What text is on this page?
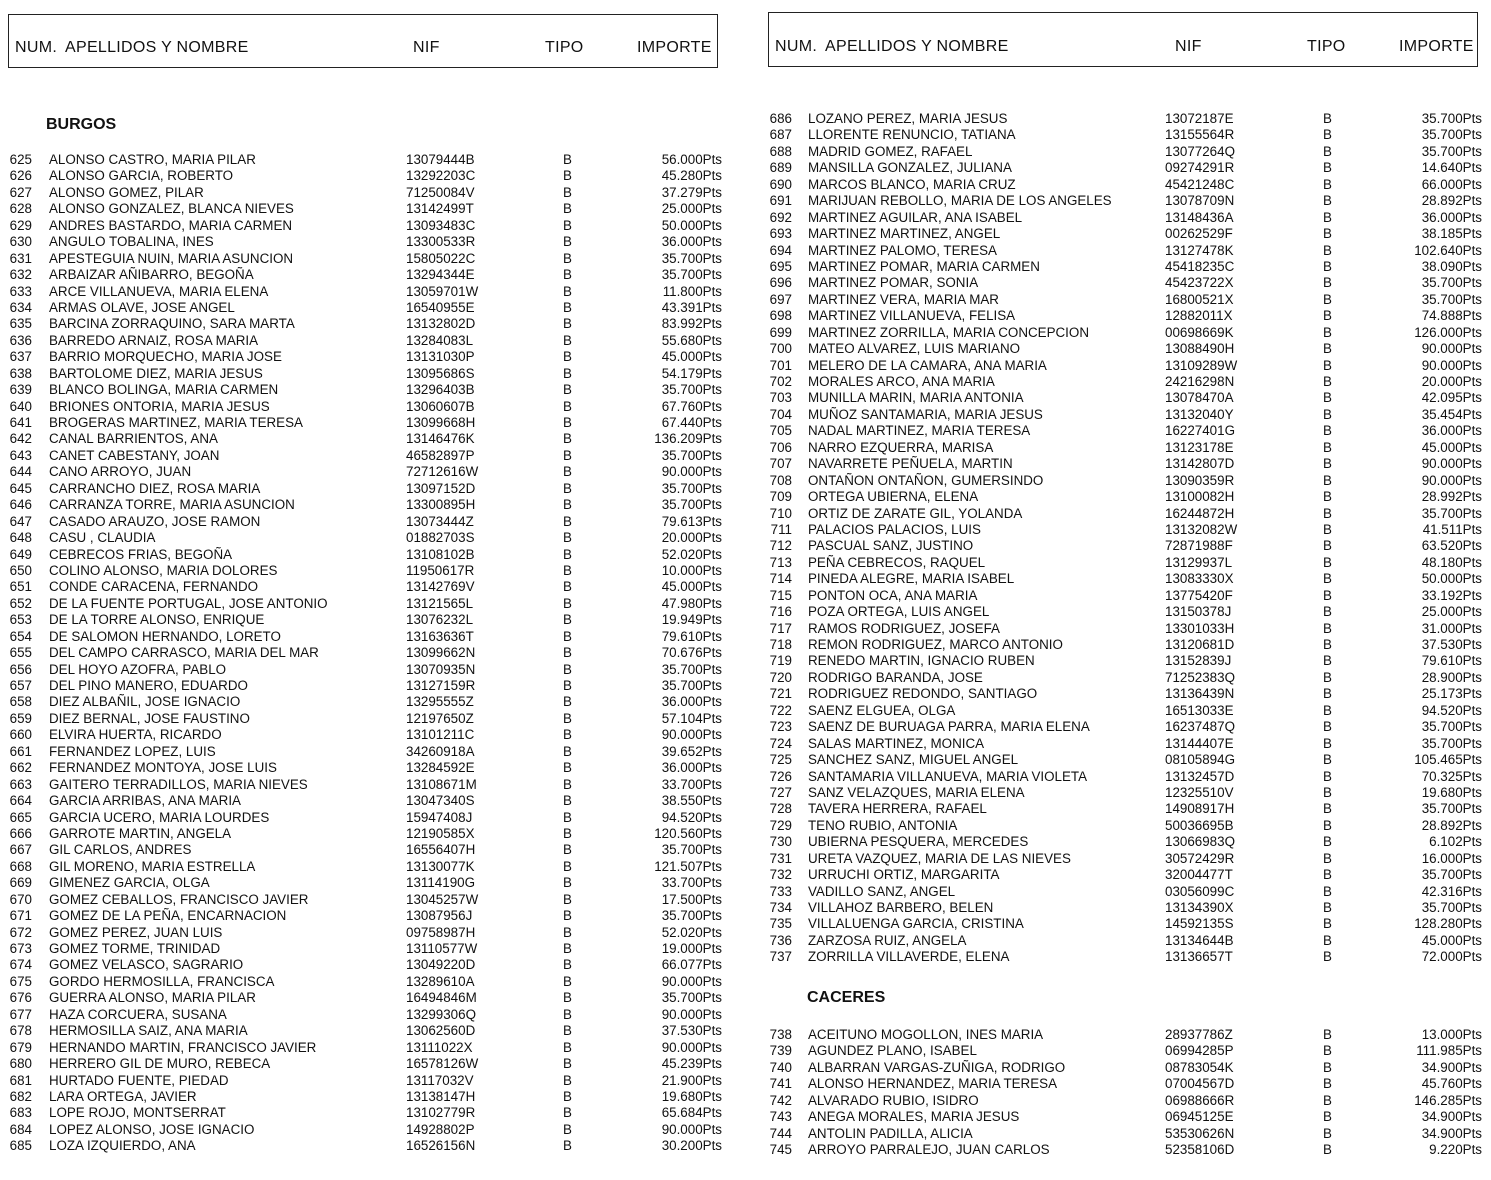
NUM. APELLIDOS Y NOMBRE	NIF	TIPO	IMPORTE	NUM. APELLIDOS Y NOMBRE	NIF	TIPO	IMPORTE
BURGOS
CACERES
625 ALONSO CASTRO, MARIA PILAR	13079444B	B	56.000Pts
626 ALONSO GARCIA, ROBERTO	13292203C	B	45.280Pts
627 ALONSO GOMEZ, PILAR	71250084V	B	37.279Pts
628 ALONSO GONZALEZ, BLANCA NIEVES	13142499T	B	25.000Pts
629 ANDRES BASTARDO, MARIA CARMEN	13093483C	B	50.000Pts
630 ANGULO TOBALINA, INES	13300533R	B	36.000Pts
631 APESTEGUIA NUIN, MARIA ASUNCION	15805022C	B	35.700Pts
632 ARBAIZAR AÑIBARRO, BEGOÑA	13294344E	B	35.700Pts
633 ARCE VILLANUEVA, MARIA ELENA	13059701W	B	11.800Pts
634 ARMAS OLAVE, JOSE ANGEL	16540955E	B	43.391Pts
635 BARCINA ZORRAQUINO, SARA MARTA	13132802D	B	83.992Pts
636 BARREDO ARNAIZ, ROSA MARIA	13284083L	B	55.680Pts
637 BARRIO MORQUECHO, MARIA JOSE	13131030P	B	45.000Pts
638 BARTOLOME DIEZ, MARIA JESUS	13095686S	B	54.179Pts
639 BLANCO BOLINGA, MARIA CARMEN	13296403B	B	35.700Pts
640 BRIONES ONTORIA, MARIA JESUS	13060607B	B	67.760Pts
641 BROGERAS MARTINEZ, MARIA TERESA	13099668H	B	67.440Pts
642 CANAL BARRIENTOS, ANA	13146476K	B	136.209Pts
643 CANET CABESTANY, JOAN	46582897P	B	35.700Pts
644 CANO ARROYO, JUAN	72712616W	B	90.000Pts
645 CARRANCHO DIEZ, ROSA MARIA	13097152D	B	35.700Pts
646 CARRANZA TORRE, MARIA ASUNCION	13300895H	B	35.700Pts
647 CASADO ARAUZO, JOSE RAMON	13073444Z	B	79.613Pts
648 CASU , CLAUDIA	01882703S	B	20.000Pts
649 CEBRECOS FRIAS, BEGOÑA	13108102B	B	52.020Pts
650 COLINO ALONSO, MARIA DOLORES	11950617R	B	10.000Pts
651 CONDE CARACENA, FERNANDO	13142769V	B	45.000Pts
652 DE LA FUENTE PORTUGAL, JOSE ANTONIO	13121565L	B	47.980Pts
653 DE LA TORRE ALONSO, ENRIQUE	13076232L	B	19.949Pts
654 DE SALOMON HERNANDO, LORETO	13163636T	B	79.610Pts
655 DEL CAMPO CARRASCO, MARIA DEL MAR	13099662N	B	70.676Pts
656 DEL HOYO AZOFRA, PABLO	13070935N	B	35.700Pts
657 DEL PINO MANERO, EDUARDO	13127159R	B	35.700Pts
658 DIEZ ALBAÑIL, JOSE IGNACIO	13295555Z	B	36.000Pts
659 DIEZ BERNAL, JOSE FAUSTINO	12197650Z	B	57.104Pts
660 ELVIRA HUERTA, RICARDO	13101211C	B	90.000Pts
661 FERNANDEZ LOPEZ, LUIS	34260918A	B	39.652Pts
662 FERNANDEZ MONTOYA, JOSE LUIS	13284592E	B	36.000Pts
663 GAITERO TERRADILLOS, MARIA NIEVES	13108671M	B	33.700Pts
664 GARCIA ARRIBAS, ANA MARIA	13047340S	B	38.550Pts
665 GARCIA UCERO, MARIA LOURDES	15947408J	B	94.520Pts
666 GARROTE MARTIN, ANGELA	12190585X	B	120.560Pts
667 GIL CARLOS, ANDRES	16556407H	B	35.700Pts
668 GIL MORENO, MARIA ESTRELLA	13130077K	B	121.507Pts
669 GIMENEZ GARCIA, OLGA	13114190G	B	33.700Pts
670 GOMEZ CEBALLOS, FRANCISCO JAVIER	13045257W	B	17.500Pts
671 GOMEZ DE LA PEÑA, ENCARNACION	13087956J	B	35.700Pts
672 GOMEZ PEREZ, JUAN LUIS	09758987H	B	52.020Pts
673 GOMEZ TORME, TRINIDAD	13110577W	B	19.000Pts
674 GOMEZ VELASCO, SAGRARIO	13049220D	B	66.077Pts
675 GORDO HERMOSILLA, FRANCISCA	13289610A	B	90.000Pts
676 GUERRA ALONSO, MARIA PILAR	16494846M	B	35.700Pts
677 HAZA CORCUERA, SUSANA	13299306Q	B	90.000Pts
678 HERMOSILLA SAIZ, ANA MARIA	13062560D	B	37.530Pts
679 HERNANDO MARTIN, FRANCISCO JAVIER	13111022X	B	90.000Pts
680 HERRERO GIL DE MURO, REBECA	16578126W	B	45.239Pts
681 HURTADO FUENTE, PIEDAD	13117032V	B	21.900Pts
682 LARA ORTEGA, JAVIER	13138147H	B	19.680Pts
683 LOPE ROJO, MONTSERRAT	13102779R	B	65.684Pts
684 LOPEZ ALONSO, JOSE IGNACIO	14928802P	B	90.000Pts
685 LOZA IZQUIERDO, ANA	16526156N	B	30.200Pts
686 LOZANO PEREZ, MARIA JESUS	13072187E	B	35.700Pts
687 LLORENTE RENUNCIO, TATIANA	13155564R	B	35.700Pts
688 MADRID GOMEZ, RAFAEL	13077264Q	B	35.700Pts
689 MANSILLA GONZALEZ, JULIANA	09274291R	B	14.640Pts
690 MARCOS BLANCO, MARIA CRUZ	45421248C	B	66.000Pts
691 MARIJUAN REBOLLO, MARIA DE LOS ANGELES	13078709N	B	28.892Pts
692 MARTINEZ AGUILAR, ANA ISABEL	13148436A	B	36.000Pts
693 MARTINEZ MARTINEZ, ANGEL	00262529F	B	38.185Pts
694 MARTINEZ PALOMO, TERESA	13127478K	B	102.640Pts
695 MARTINEZ POMAR, MARIA CARMEN	45418235C	B	38.090Pts
696 MARTINEZ POMAR, SONIA	45423722X	B	35.700Pts
697 MARTINEZ VERA, MARIA MAR	16800521X	B	35.700Pts
698 MARTINEZ VILLANUEVA, FELISA	12882011X	B	74.888Pts
699 MARTINEZ ZORRILLA, MARIA CONCEPCION	00698669K	B	126.000Pts
700 MATEO ALVAREZ, LUIS MARIANO	13088490H	B	90.000Pts
701 MELERO DE LA CAMARA, ANA MARIA	13109289W	B	90.000Pts
702 MORALES ARCO, ANA MARIA	24216298N	B	20.000Pts
703 MUNILLA MARIN, MARIA ANTONIA	13078470A	B	42.095Pts
704 MUÑOZ SANTAMARIA, MARIA JESUS	13132040Y	B	35.454Pts
705 NADAL MARTINEZ, MARIA TERESA	16227401G	B	36.000Pts
706 NARRO EZQUERRA, MARISA	13123178E	B	45.000Pts
707 NAVARRETE PEÑUELA, MARTIN	13142807D	B	90.000Pts
708 ONTAÑON ONTAÑON, GUMERSINDO	13090359R	B	90.000Pts
709 ORTEGA UBIERNA, ELENA	13100082H	B	28.992Pts
710 ORTIZ DE ZARATE GIL, YOLANDA	16244872H	B	35.700Pts
711 PALACIOS PALACIOS, LUIS	13132082W	B	41.511Pts
712 PASCUAL SANZ, JUSTINO	72871988F	B	63.520Pts
713 PEÑA CEBRECOS, RAQUEL	13129937L	B	48.180Pts
714 PINEDA ALEGRE, MARIA ISABEL	13083330X	B	50.000Pts
715 PONTON OCA, ANA MARIA	13775420F	B	33.192Pts
716 POZA ORTEGA, LUIS ANGEL	13150378J	B	25.000Pts
717 RAMOS RODRIGUEZ, JOSEFA	13301033H	B	31.000Pts
718 REMON RODRIGUEZ, MARCO ANTONIO	13120681D	B	37.530Pts
719 RENEDO MARTIN, IGNACIO RUBEN	13152839J	B	79.610Pts
720 RODRIGO BARANDA, JOSE	71252383Q	B	28.900Pts
721 RODRIGUEZ REDONDO, SANTIAGO	13136439N	B	25.173Pts
722 SAENZ ELGUEA, OLGA	16513033E	B	94.520Pts
723 SAENZ DE BURUAGA PARRA, MARIA ELENA	16237487Q	B	35.700Pts
724 SALAS MARTINEZ, MONICA	13144407E	B	35.700Pts
725 SANCHEZ SANZ, MIGUEL ANGEL	08105894G	B	105.465Pts
726 SANTAMARIA VILLANUEVA, MARIA VIOLETA	13132457D	B	70.325Pts
727 SANZ VELAZQUES, MARIA ELENA	12325510V	B	19.680Pts
728 TAVERA HERRERA, RAFAEL	14908917H	B	35.700Pts
729 TENO RUBIO, ANTONIA	50036695B	B	28.892Pts
730 UBIERNA PESQUERA, MERCEDES	13066983Q	B	6.102Pts
731 URETA VAZQUEZ, MARIA DE LAS NIEVES	30572429R	B	16.000Pts
732 URRUCHI ORTIZ, MARGARITA	32004477T	B	35.700Pts
733 VADILLO SANZ, ANGEL	03056099C	B	42.316Pts
734 VILLAHOZ BARBERO, BELEN	13134390X	B	35.700Pts
735 VILLALUENGA GARCIA, CRISTINA	14592135S	B	128.280Pts
736 ZARZOSA RUIZ, ANGELA	13134644B	B	45.000Pts
737 ZORRILLA VILLAVERDE, ELENA	13136657T	B	72.000Pts
738 ACEITUNO MOGOLLON, INES MARIA	28937786Z	B	13.000Pts
739 AGUNDEZ PLANO, ISABEL	06994285P	B	111.985Pts
740 ALBARRAN VARGAS-ZUÑIGA, RODRIGO	08783054K	B	34.900Pts
741 ALONSO HERNANDEZ, MARIA TERESA	07004567D	B	45.760Pts
742 ALVARADO RUBIO, ISIDRO	06988666R	B	146.285Pts
743 ANEGA MORALES, MARIA JESUS	06945125E	B	34.900Pts
744 ANTOLIN PADILLA, ALICIA	53530626N	B	34.900Pts
745 ARROYO PARRALEJO, JUAN CARLOS	52358106D	B	9.220Pts
